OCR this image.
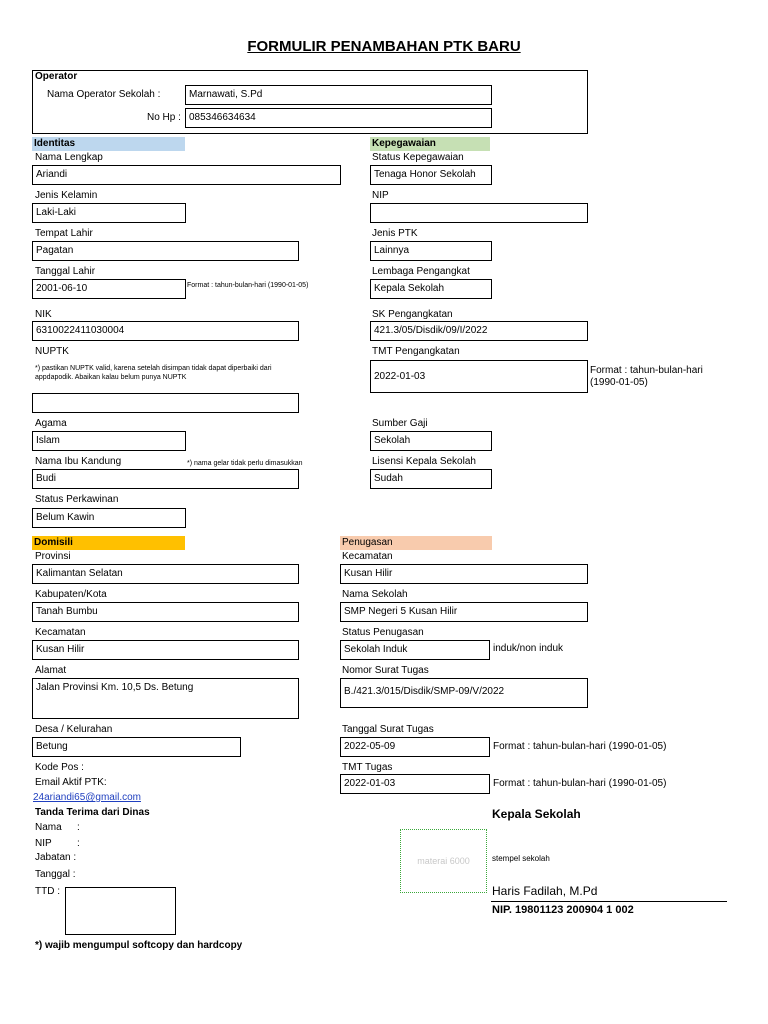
FORMULIR PENAMBAHAN PTK BARU
Operator
Nama Operator Sekolah :	Marnawati, S.Pd
No Hp : 085346634634
Identitas	Kepegawaian
Nama Lengkap
Ariandi
Jenis Kelamin
Laki-Laki
Tempat Lahir
Pagatan
Tanggal Lahir
2001-06-10	Format : tahun-bulan-hari (1990-01-05)
NIK
6310022411030004
NUPTK
*) pastikan NUPTK valid, karena setelah disimpan tidak dapat diperbaiki dari appdapodik. Abaikan kalau belum punya NUPTK
Agama
Islam
Nama Ibu Kandung	*) nama gelar tidak perlu dimasukkan
Budi
Status Perkawinan
Belum Kawin
Status Kepegawaian
Tenaga Honor Sekolah
NIP
Jenis PTK
Lainnya
Lembaga Pengangkat
Kepala Sekolah
SK Pengangkatan
421.3/05/Disdik/09/I/2022
TMT Pengangkatan
2022-01-03
Format : tahun-bulan-hari (1990-01-05)
Sumber Gaji
Sekolah
Lisensi Kepala Sekolah
Sudah
Domisili	Penugasan
Provinsi
Kalimantan Selatan
Kabupaten/Kota
Tanah Bumbu
Kecamatan
Kusan Hilir
Alamat
Jalan Provinsi Km. 10,5 Ds. Betung
Desa / Kelurahan
Betung
Kode Pos :
Email Aktif PTK:
24ariandi65@gmail.com
Kecamatan
Kusan Hilir
Nama Sekolah
SMP Negeri 5 Kusan Hilir
Status Penugasan
Sekolah Induk	induk/non induk
Nomor Surat Tugas
B./421.3/015/Disdik/SMP-09/V/2022
Tanggal Surat Tugas
2022-05-09	Format : tahun-bulan-hari (1990-01-05)
TMT Tugas
2022-01-03	Format : tahun-bulan-hari (1990-01-05)
Tanda Terima dari Dinas
Nama :
NIP	:
Jabatan :
Tanggal :
TTD :
Kepala Sekolah
materai 6000	stempel sekolah
Haris Fadilah, M.Pd
NIP. 19801123 200904 1 002
*) wajib mengumpul softcopy dan hardcopy
